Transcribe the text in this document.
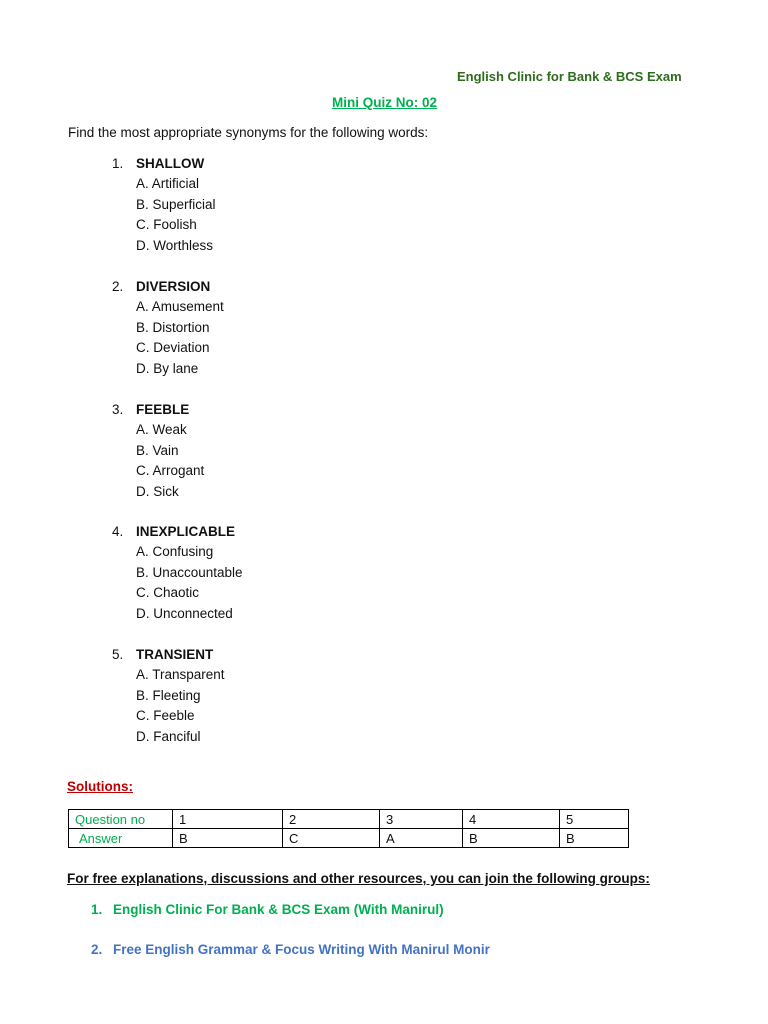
English Clinic for Bank & BCS Exam
Mini Quiz No: 02
Find the most appropriate synonyms for the following words:
1. SHALLOW
A. Artificial
B. Superficial
C. Foolish
D. Worthless
2. DIVERSION
A. Amusement
B. Distortion
C. Deviation
D. By lane
3. FEEBLE
A. Weak
B. Vain
C. Arrogant
D. Sick
4. INEXPLICABLE
A. Confusing
B. Unaccountable
C. Chaotic
D. Unconnected
5. TRANSIENT
A. Transparent
B. Fleeting
C. Feeble
D. Fanciful
Solutions:
Question no	1	2	3	4	5
Answer	B	C	A	B	B
For free explanations, discussions and other resources, you can join the following groups:
1. English Clinic For Bank & BCS Exam (With Manirul)
2. Free English Grammar & Focus Writing With Manirul Monir
